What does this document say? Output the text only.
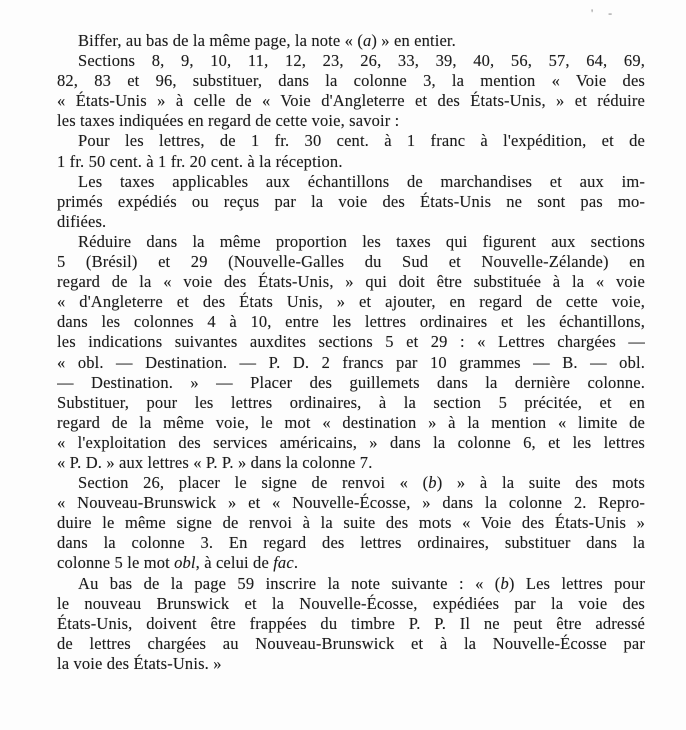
' -
Biffer, au bas de la même page, la note « (a) » en entier.
Sections 8, 9, 10, 11, 12, 23, 26, 33, 39, 40, 56, 57, 64, 69,
82, 83 et 96, substituer, dans la colonne 3, la mention « Voie des
« États-Unis » à celle de « Voie d'Angleterre et des États-Unis, » et réduire
les taxes indiquées en regard de cette voie, savoir :
Pour les lettres, de 1 fr. 30 cent. à 1 franc à l'expédition, et de
1 fr. 50 cent. à 1 fr. 20 cent. à la réception.
Les taxes applicables aux échantillons de marchandises et aux im-
primés expédiés ou reçus par la voie des États-Unis ne sont pas mo-
difiées.
Réduire dans la même proportion les taxes qui figurent aux sections
5 (Brésil) et 29 (Nouvelle-Galles du Sud et Nouvelle-Zélande) en
regard de la « voie des États-Unis, » qui doit être substituée à la « voie
« d'Angleterre et des États Unis, » et ajouter, en regard de cette voie,
dans les colonnes 4 à 10, entre les lettres ordinaires et les échantillons,
les indications suivantes auxdites sections 5 et 29 : « Lettres chargées —
« obl. — Destination. — P. D. 2 francs par 10 grammes — B. — obl.
— Destination. » — Placer des guillemets dans la dernière colonne.
Substituer, pour les lettres ordinaires, à la section 5 précitée, et en
regard de la même voie, le mot « destination » à la mention « limite de
« l'exploitation des services américains, » dans la colonne 6, et les lettres
« P. D. » aux lettres « P. P. » dans la colonne 7.
Section 26, placer le signe de renvoi « (b) » à la suite des mots
« Nouveau-Brunswick » et « Nouvelle-Écosse, » dans la colonne 2. Repro-
duire le même signe de renvoi à la suite des mots « Voie des États-Unis »
dans la colonne 3. En regard des lettres ordinaires, substituer dans la
colonne 5 le mot obl, à celui de fac.
Au bas de la page 59 inscrire la note suivante : « (b) Les lettres pour
le nouveau Brunswick et la Nouvelle-Écosse, expédiées par la voie des
États-Unis, doivent être frappées du timbre P. P. Il ne peut être adressé
de lettres chargées au Nouveau-Brunswick et à la Nouvelle-Écosse par
la voie des États-Unis. »
